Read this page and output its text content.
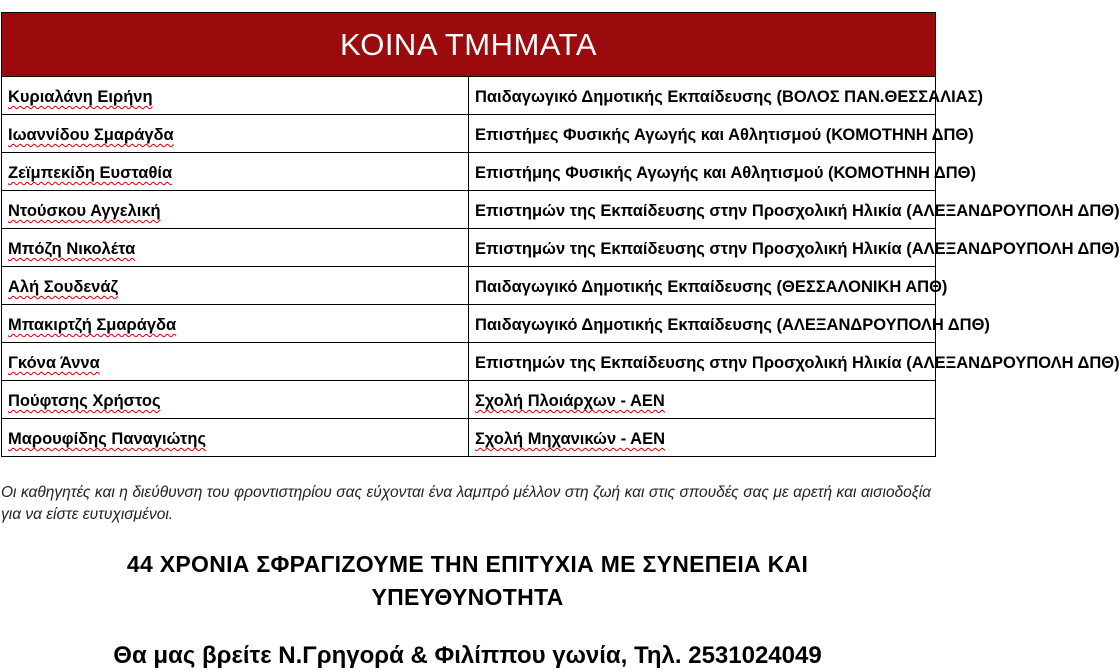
ΚΟΙΝΑ ΤΜΗΜΑΤΑ	
Κυριαλάνη Ειρήνη	Παιδαγωγικό Δημοτικής Εκπαίδευσης (ΒΟΛΟΣ ΠΑΝ.ΘΕΣΣΑΛΙΑΣ)
Ιωαννίδου Σμαράγδα	Επιστήμες Φυσικής Αγωγής και Αθλητισμού (ΚΟΜΟΤΗΝΗ ΔΠΘ)
Ζεϊμπεκίδη Ευσταθία	Επιστήμης Φυσικής Αγωγής και Αθλητισμού (ΚΟΜΟΤΗΝΗ ΔΠΘ)
Ντούσκου Αγγελική	Επιστημών της Εκπαίδευσης στην Προσχολική Ηλικία (ΑΛΕΞΑΝΔΡΟΥΠΟΛΗ ΔΠΘ)
Μπόζη Νικολέτα	Επιστημών της Εκπαίδευσης στην Προσχολική Ηλικία (ΑΛΕΞΑΝΔΡΟΥΠΟΛΗ ΔΠΘ)
Αλή Σουδενάζ	Παιδαγωγικό Δημοτικής Εκπαίδευσης (ΘΕΣΣΑΛΟΝΙΚΗ ΑΠΘ)
Μπακιρτζή Σμαράγδα	Παιδαγωγικό Δημοτικής Εκπαίδευσης (ΑΛΕΞΑΝΔΡΟΥΠΟΛΗ ΔΠΘ)
Γκόνα Άννα	Επιστημών της Εκπαίδευσης στην Προσχολική Ηλικία (ΑΛΕΞΑΝΔΡΟΥΠΟΛΗ ΔΠΘ)
Πούφτσης Χρήστος	Σχολή Πλοιάρχων - ΑΕΝ
Μαρουφίδης Παναγιώτης	Σχολή Μηχανικών - ΑΕΝ

Οι καθηγητές και η διεύθυνση του φροντιστηρίου σας εύχονται ένα λαμπρό μέλλον στη ζωή και στις σπουδές σας με αρετή και αισιοδοξία για να είστε ευτυχισμένοι.

44 ΧΡΟΝΙΑ ΣΦΡΑΓΙΖΟΥΜΕ ΤΗΝ ΕΠΙΤΥΧΙΑ ΜΕ ΣΥΝΕΠΕΙΑ ΚΑΙ
ΥΠΕΥΘΥΝΟΤΗΤΑ

Θα μας βρείτε Ν.Γρηγορά & Φιλίππου γωνία, Τηλ. 2531024049
